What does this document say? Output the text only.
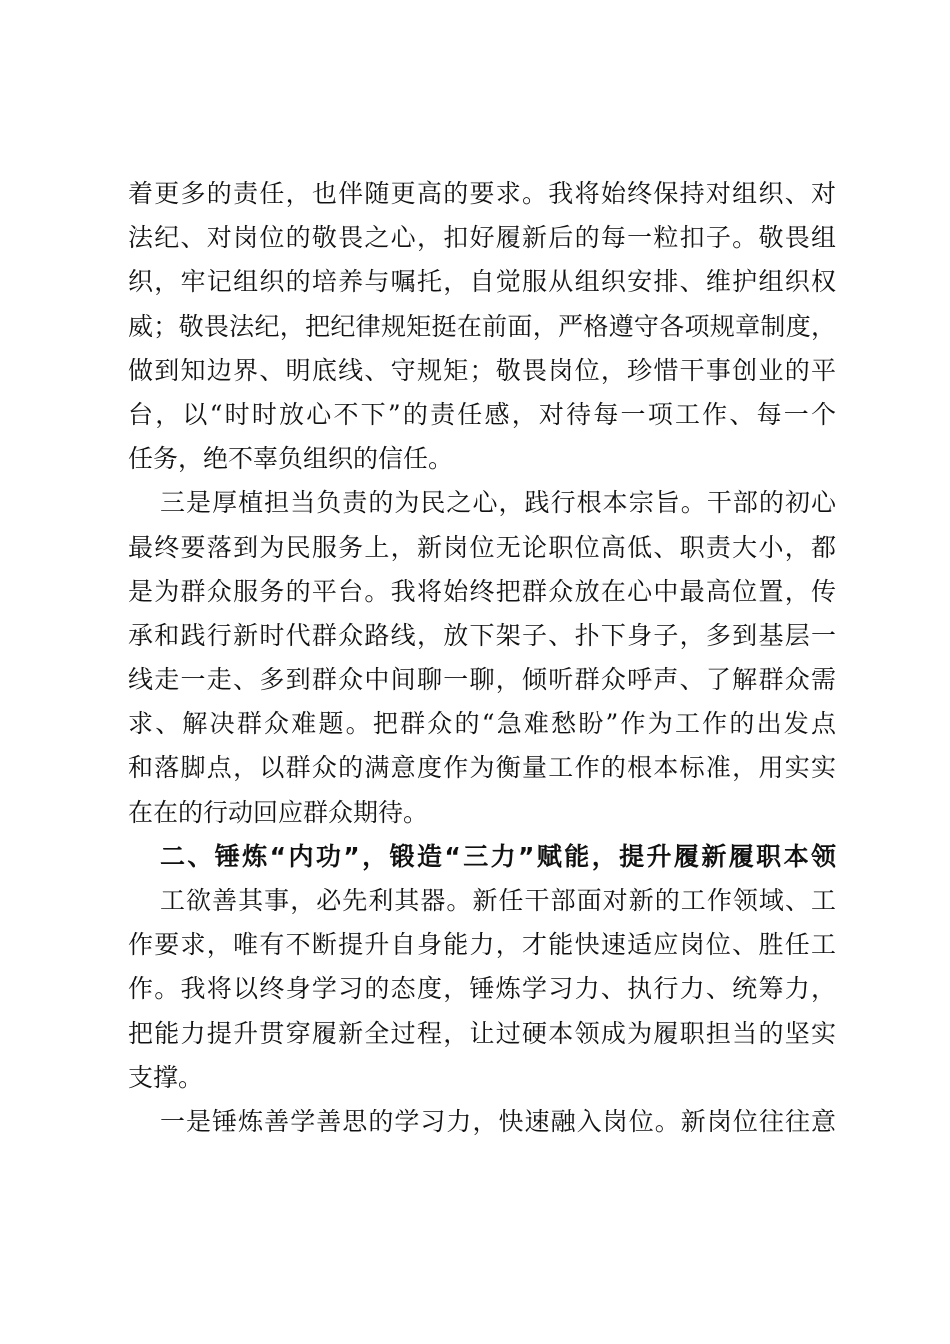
着更多的责任，也伴随更高的要求。我将始终保持对组织、对
法纪、对岗位的敬畏之心，扣好履新后的每一粒扣子。敬畏组
织，牢记组织的培养与嘱托，自觉服从组织安排、维护组织权
威；敬畏法纪，把纪律规矩挺在前面，严格遵守各项规章制度，
做到知边界、明底线、守规矩；敬畏岗位，珍惜干事创业的平
台，以“时时放心不下”的责任感，对待每一项工作、每一个
任务，绝不辜负组织的信任。
三是厚植担当负责的为民之心，践行根本宗旨。干部的初心
最终要落到为民服务上，新岗位无论职位高低、职责大小，都
是为群众服务的平台。我将始终把群众放在心中最高位置，传
承和践行新时代群众路线，放下架子、扑下身子，多到基层一
线走一走、多到群众中间聊一聊，倾听群众呼声、了解群众需
求、解决群众难题。把群众的“急难愁盼”作为工作的出发点
和落脚点，以群众的满意度作为衡量工作的根本标准，用实实
在在的行动回应群众期待。
二、锤炼“内功”，锻造“三力”赋能，提升履新履职本领
工欲善其事，必先利其器。新任干部面对新的工作领域、工
作要求，唯有不断提升自身能力，才能快速适应岗位、胜任工
作。我将以终身学习的态度，锤炼学习力、执行力、统筹力，
把能力提升贯穿履新全过程，让过硬本领成为履职担当的坚实
支撑。
一是锤炼善学善思的学习力，快速融入岗位。新岗位往往意
